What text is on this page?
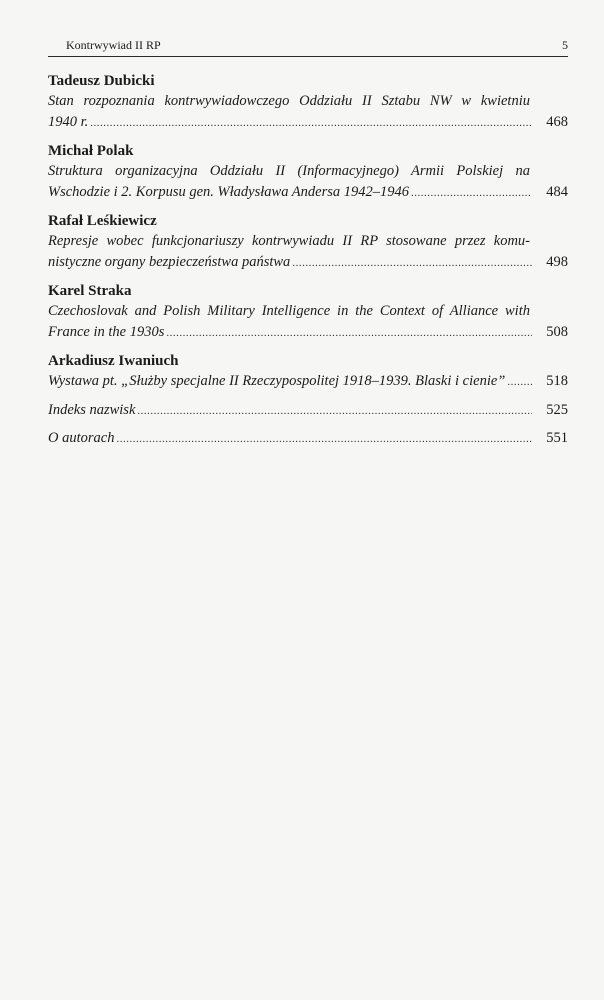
Kontrwywiad II RP	5
Tadeusz Dubicki
Stan rozpoznania kontrwywiadowczego Oddziału II Sztabu NW w kwietniu
1940 r. .....	468
Michał Polak
Struktura organizacyjna Oddziału II (Informacyjnego) Armii Polskiej na
Wschodzie i 2. Korpusu gen. Władysława Andersa 1942–1946 .....	484
Rafał Leśkiewicz
Represje wobec funkcjonariuszy kontrwywiadu II RP stosowane przez komu-
nistyczne organy bezpieczeństwa państwa .....	498
Karel Straka
Czechoslovak and Polish Military Intelligence in the Context of Alliance with
France in the 1930s .....	508
Arkadiusz Iwaniuch
Wystawa pt. „Służby specjalne II Rzeczypospolitej 1918–1939. Blaski i cienie” .....	518
Indeks nazwisk .....	525
O autorach .....	551
